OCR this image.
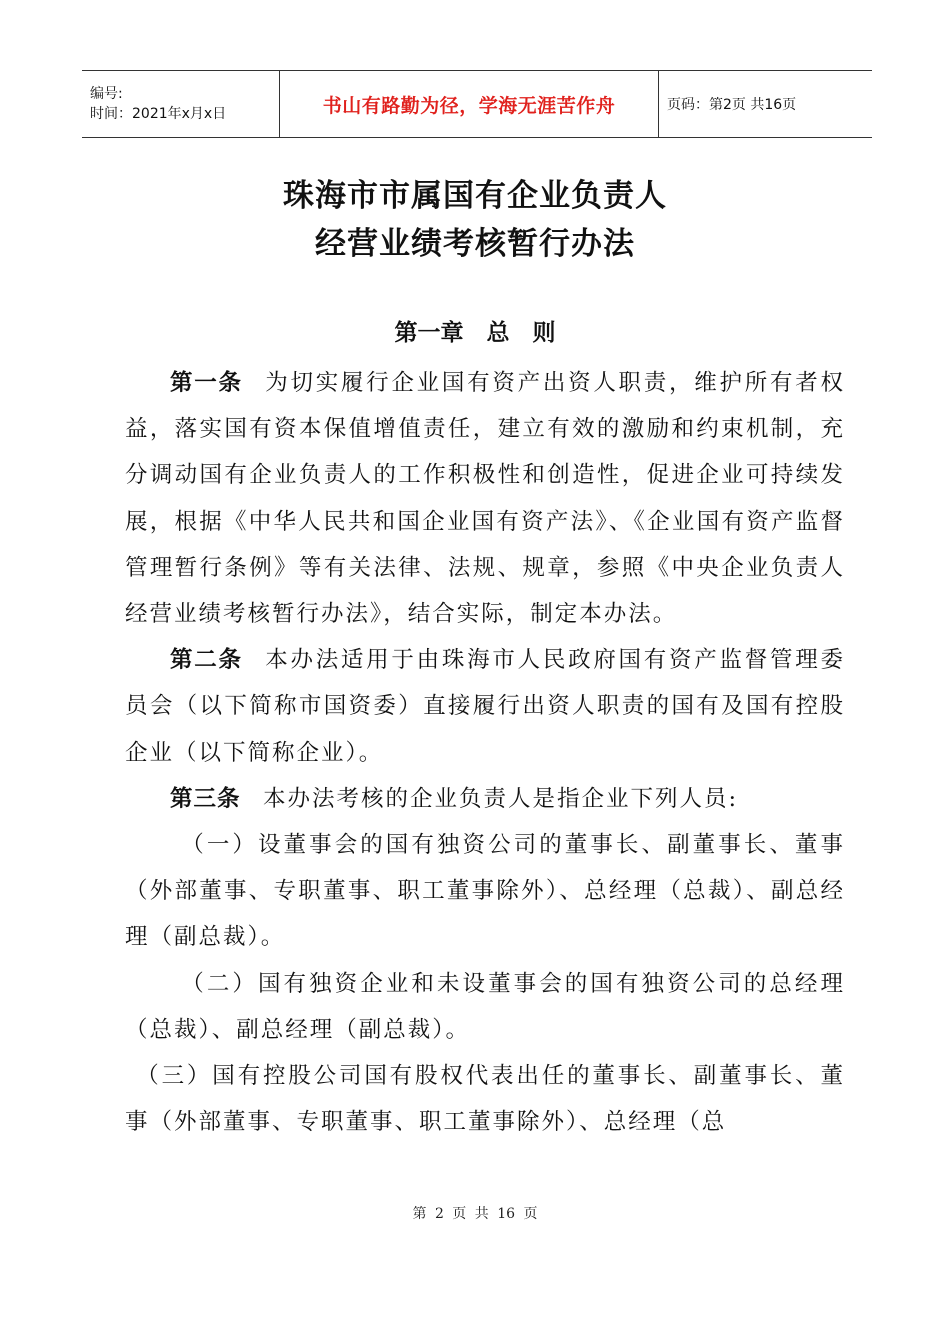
编号:
时间：2021年x月x日	书山有路勤为径，学海无涯苦作舟	页码：第2页 共16页
珠海市市属国有企业负责人
经营业绩考核暂行办法
第一章　总　则

第一条 为切实履行企业国有资产出资人职责，维护所有者权益，落实国有资本保值增值责任，建立有效的激励和约束机制，充分调动国有企业负责人的工作积极性和创造性，促进企业可持续发展，根据《中华人民共和国企业国有资产法》、《企业国有资产监督管理暂行条例》等有关法律、法规、规章，参照《中央企业负责人经营业绩考核暂行办法》，结合实际，制定本办法。

第二条 本办法适用于由珠海市人民政府国有资产监督管理委员会（以下简称市国资委）直接履行出资人职责的国有及国有控股企业（以下简称企业）。

第三条 本办法考核的企业负责人是指企业下列人员:

（一）设董事会的国有独资公司的董事长、副董事长、董事（外部董事、专职董事、职工董事除外）、总经理（总裁）、副总经理（副总裁）。

（二）国有独资企业和未设董事会的国有独资公司的总经理（总裁）、副总经理（副总裁）。

（三）国有控股公司国有股权代表出任的董事长、副董事长、董事（外部董事、专职董事、职工董事除外）、总经理（总

第 2 页 共 16 页
